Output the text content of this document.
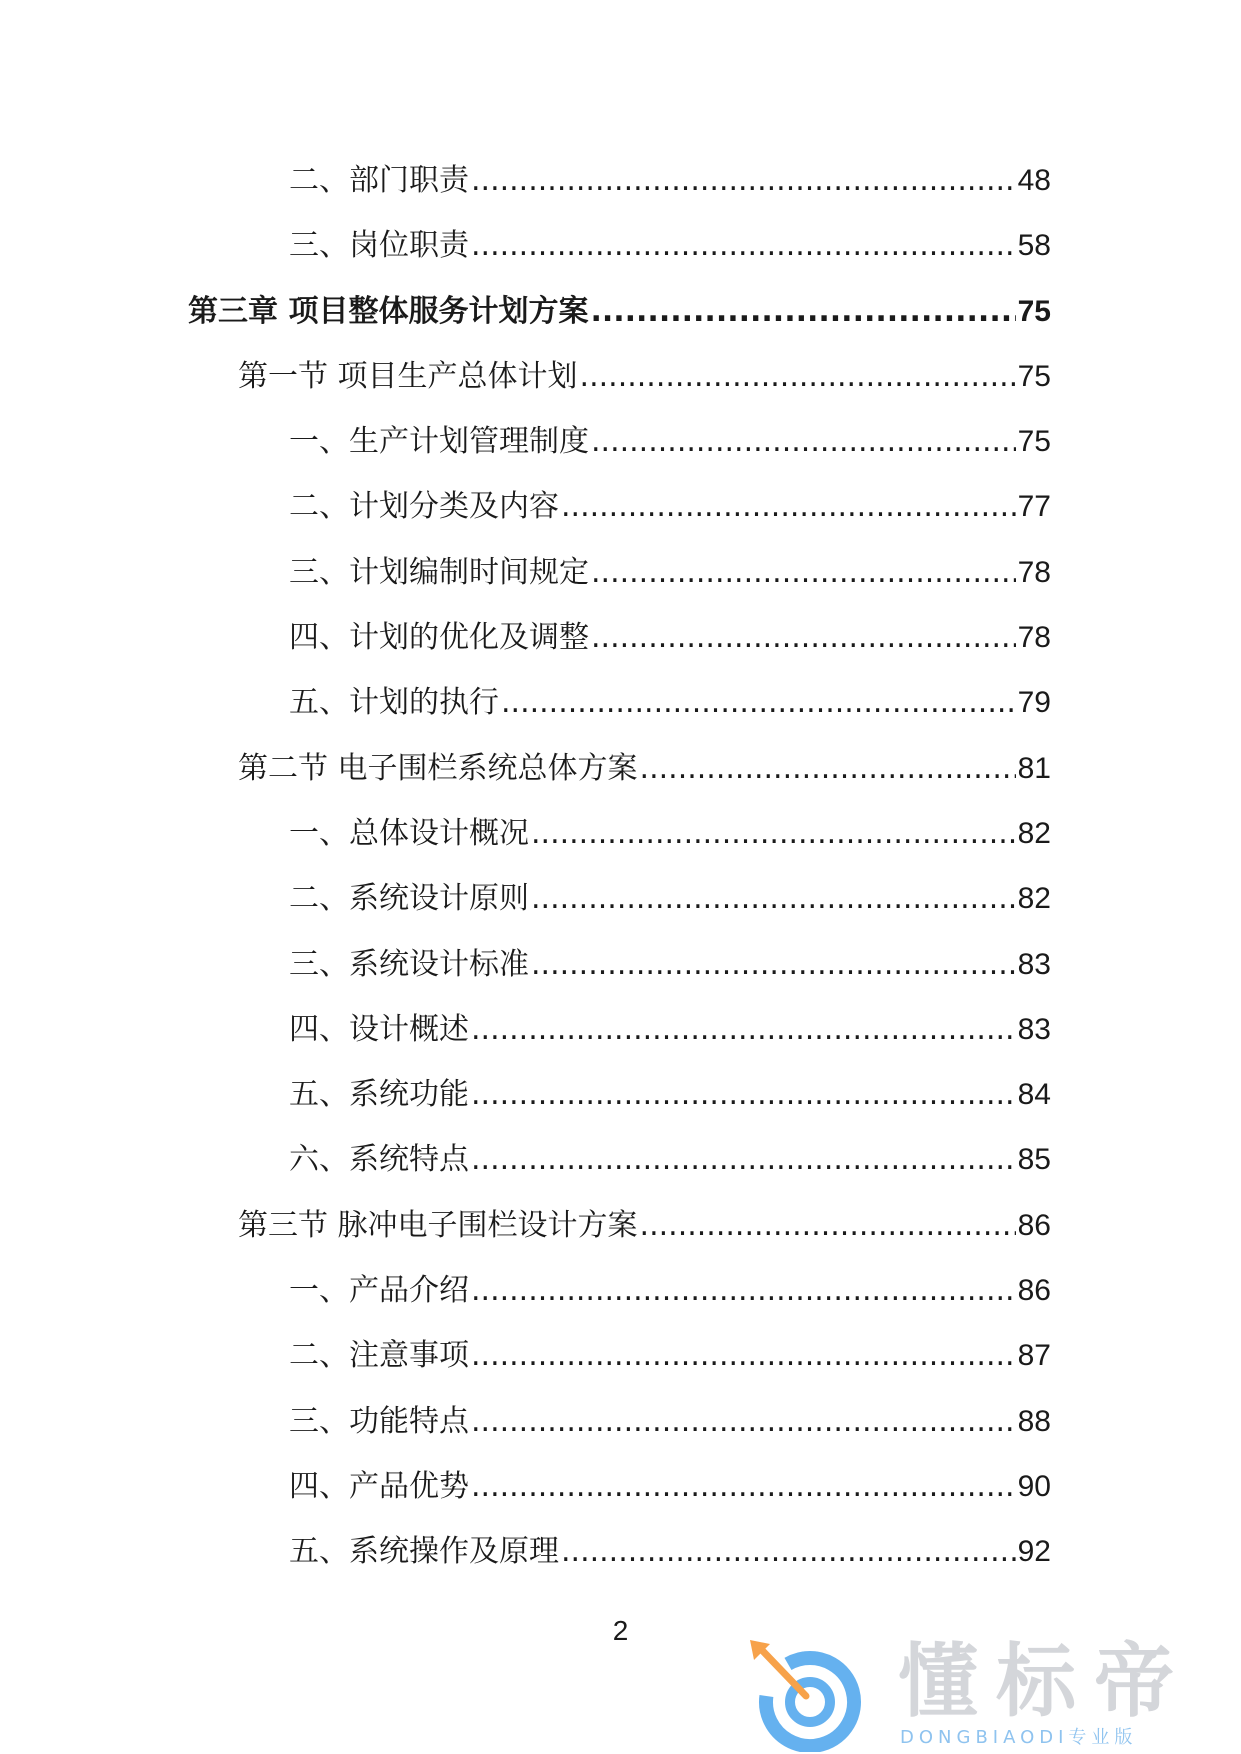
二、部门职责 .....	48
三、岗位职责 .....	58
第三章 项目整体服务计划方案 .....	75
第一节 项目生产总体计划 .....	75
一、生产计划管理制度 .....	75
二、计划分类及内容 .....	77
三、计划编制时间规定 .....	78
四、计划的优化及调整 .....	78
五、计划的执行 .....	79
第二节 电子围栏系统总体方案 .....	81
一、总体设计概况 .....	82
二、系统设计原则 .....	82
三、系统设计标准 .....	83
四、设计概述 .....	83
五、系统功能 .....	84
六、系统特点 .....	85
第三节 脉冲电子围栏设计方案 .....	86
一、产品介绍 .....	86
二、注意事项 .....	87
三、功能特点 .....	88
四、产品优势 .....	90
五、系统操作及原理 .....	92
2
懂标帝
DONGBIAODI专业版
